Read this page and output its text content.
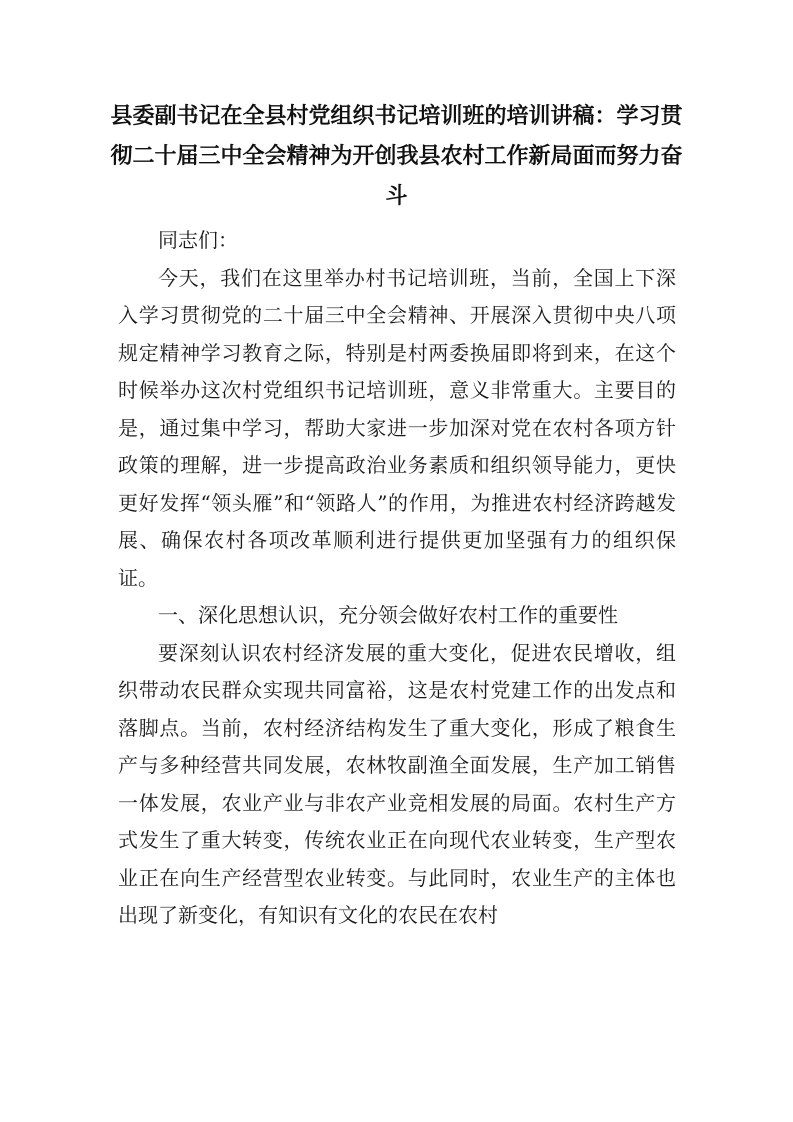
县委副书记在全县村党组织书记培训班的培训讲稿：学习贯彻二十届三中全会精神为开创我县农村工作新局面而努力奋斗

同志们：

今天，我们在这里举办村书记培训班，当前，全国上下深入学习贯彻党的二十届三中全会精神、开展深入贯彻中央八项规定精神学习教育之际，特别是村两委换届即将到来，在这个时候举办这次村党组织书记培训班，意义非常重大。主要目的是，通过集中学习，帮助大家进一步加深对党在农村各项方针政策的理解，进一步提高政治业务素质和组织领导能力，更快更好发挥“领头雁”和“领路人”的作用，为推进农村经济跨越发展、确保农村各项改革顺利进行提供更加坚强有力的组织保证。

一、深化思想认识，充分领会做好农村工作的重要性

要深刻认识农村经济发展的重大变化，促进农民增收，组织带动农民群众实现共同富裕，这是农村党建工作的出发点和落脚点。当前，农村经济结构发生了重大变化，形成了粮食生产与多种经营共同发展，农林牧副渔全面发展，生产加工销售一体发展，农业产业与非农产业竞相发展的局面。农村生产方式发生了重大转变，传统农业正在向现代农业转变，生产型农业正在向生产经营型农业转变。与此同时，农业生产的主体也出现了新变化，有知识有文化的农民在农村
